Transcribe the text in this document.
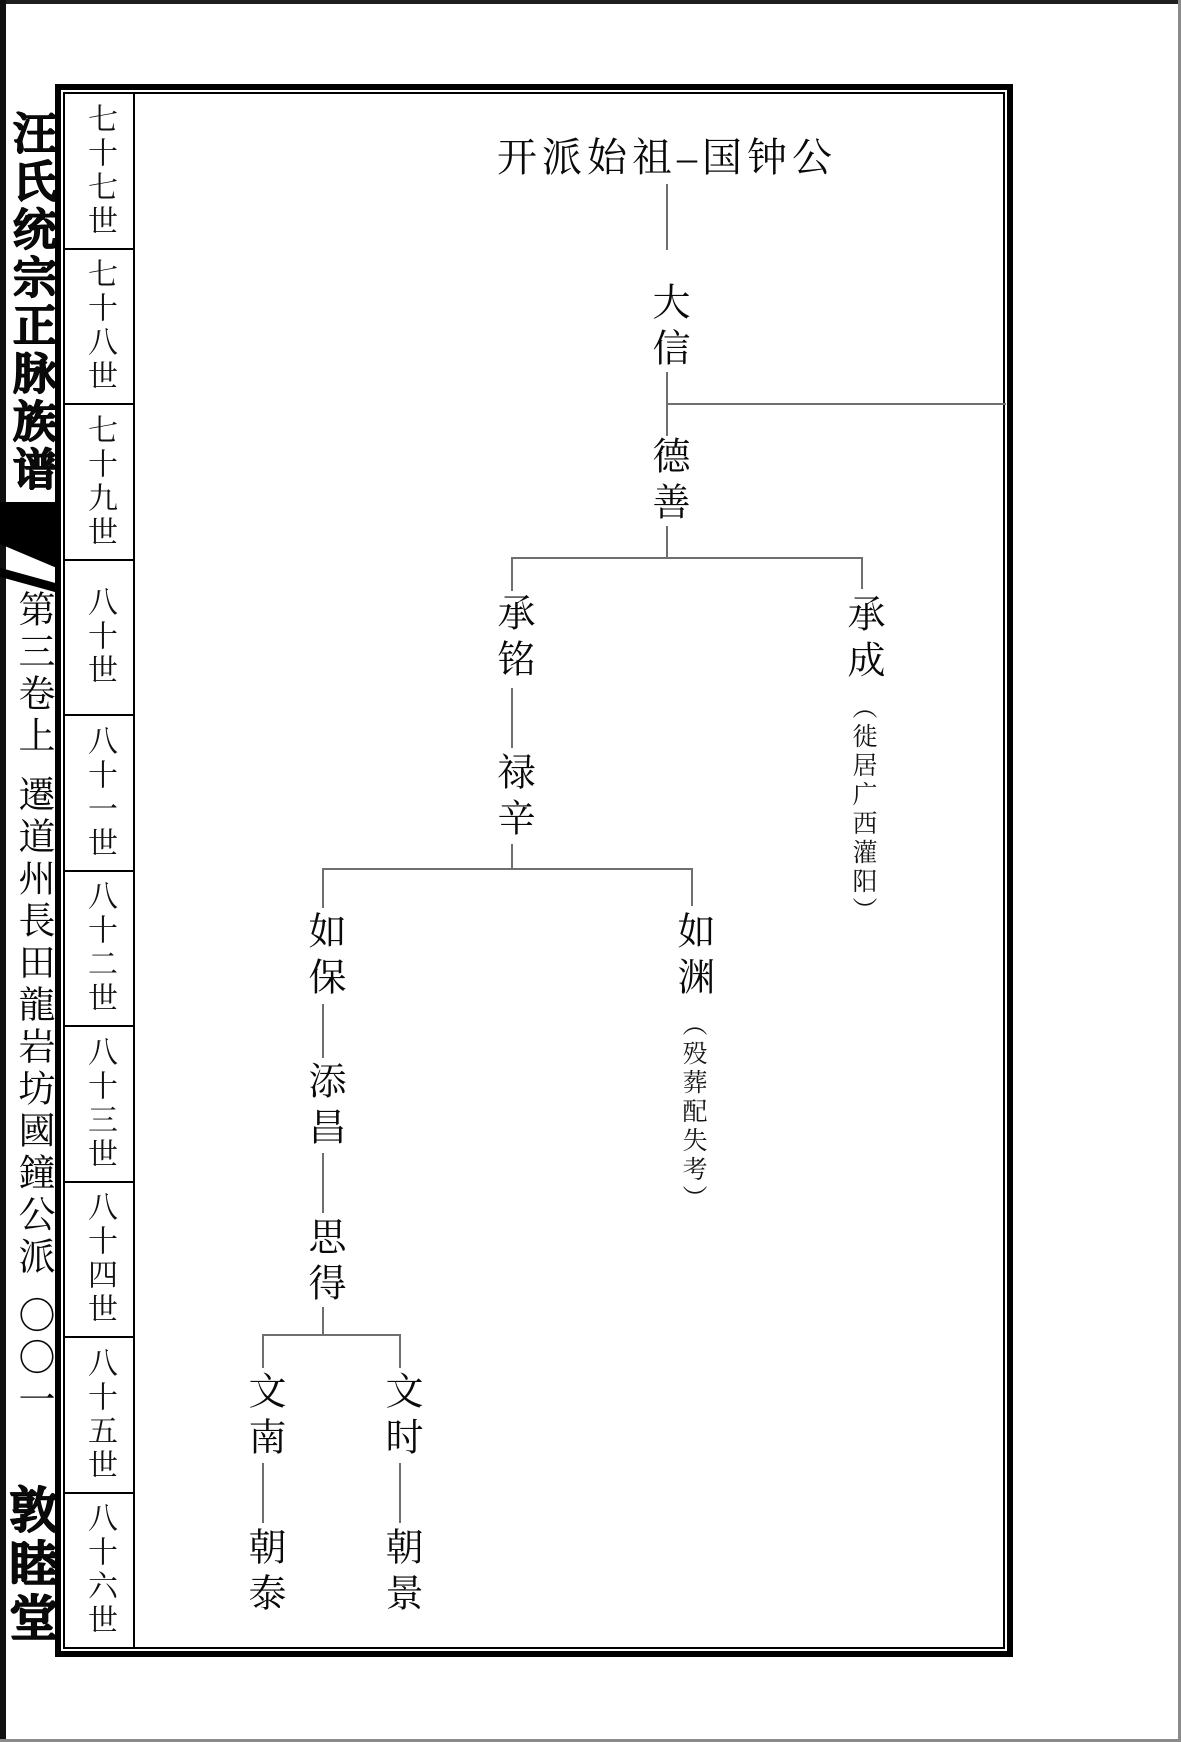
汪氏统宗正脉族谱
第三卷上
遷道州長田龍岩坊國鐘公派
〇〇一
敦睦堂
七十七世
七十八世
七十九世
八十世
八十一世
八十二世
八十三世
八十四世
八十五世
八十六世
开派始祖–国钟公
大信
德善
承铭	承成
（徙居广西灌阳）
禄辛
如保	如渊
（殁葬配失考）
添昌
思得
文南	文时
朝泰	朝景
